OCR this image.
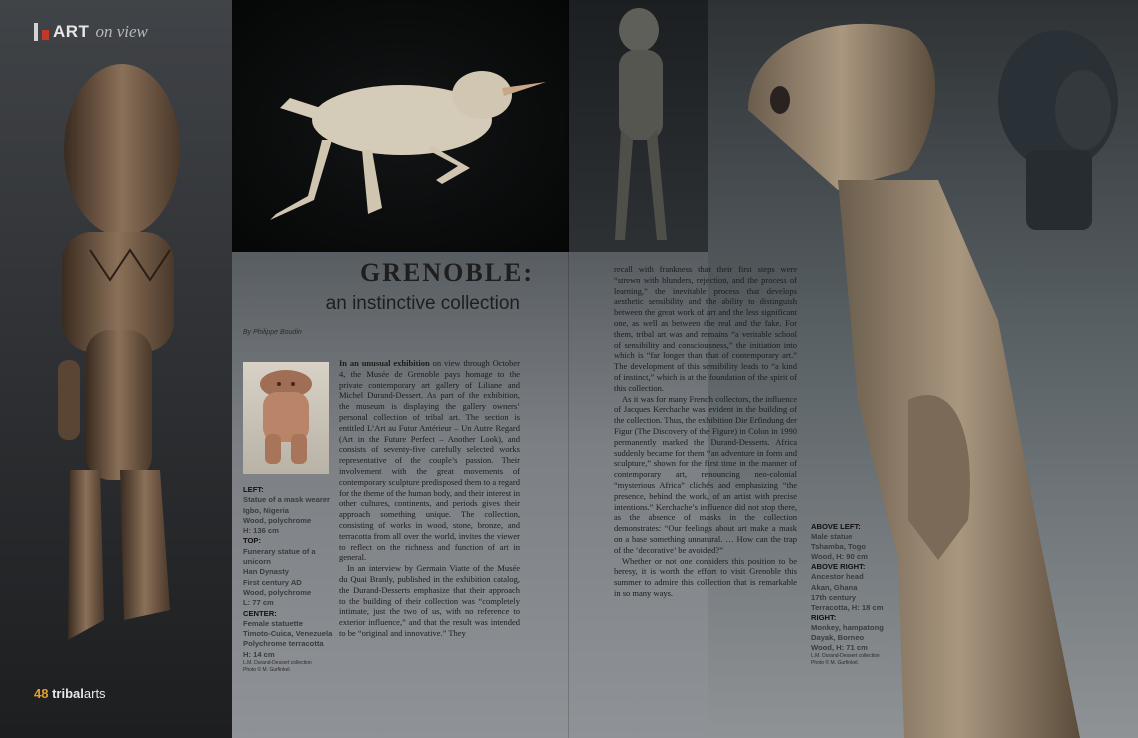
ART on view
GRENOBLE:
an instinctive collection
By Philippe Boudin

In an unusual exhibition on view through October 4, the Musée de Grenoble pays homage to the private contemporary art gallery of Liliane and Michel Durand-Dessert. As part of the exhibition, the museum is displaying the gallery owners’ personal collection of tribal art. The section is entitled L’Art au Futur Antérieur – Un Autre Regard (Art in the Future Perfect – Another Look), and consists of seventy-five carefully selected works representative of the couple’s passion. Their involvement with the great movements of contemporary sculpture predisposed them to a regard for the theme of the human body, and their interest in other cultures, continents, and periods gives their approach something unique. The collection, consisting of works in wood, stone, bronze, and terracotta from all over the world, invites the viewer to reflect on the richness and function of art in general.

In an interview by Germain Viatte of the Musée du Quai Branly, published in the exhibition catalog, the Durand-Desserts emphasize that their approach to the building of their collection was “completely intimate, just the two of us, with no reference to exterior influence,” and that the result was intended to be “original and innovative.” They

recall with frankness that their first steps were “strewn with blunders, rejection, and the process of learning,” the inevitable process that develops aesthetic sensibility and the ability to distinguish between the great work of art and the less significant one, as well as between the real and the fake. For them, tribal art was and remains “a veritable school of sensibility and consciousness,” the initiation into which is “far longer than that of contemporary art.” The development of this sensibility leads to “a kind of instinct,” which is at the foundation of the spirit of this collection.

As it was for many French collectors, the influence of Jacques Kerchache was evident in the building of the collection. Thus, the exhibition Die Erfindung der Figur (The Discovery of the Figure) in Colon in 1990 permanently marked the Durand-Desserts. Africa suddenly became for them “an adventure in form and sculpture,” shown for the first time in the manner of contemporary art, renouncing neo-colonial “mysterious Africa” clichés and emphasizing “the presence, behind the work, of an artist with precise intentions.” Kerchache’s influence did not stop there, as the absence of masks in the collection demonstrates: “Our feelings about art make a mask on a base something unnatural. … How can the trap of the ‘decorative’ be avoided?”

Whether or not one considers this position to be heresy, it is worth the effort to visit Grenoble this summer to admire this collection that is remarkable in so many ways.

LEFT:
Statue of a mask wearer
Igbo, Nigeria
Wood, polychrome
H: 136 cm
TOP:
Funerary statue of a unicorn
Han Dynasty
First century AD
Wood, polychrome
L: 77 cm
CENTER:
Female statuette
Timoto-Cuica, Venezuela
Polychrome terracotta
H: 14 cm
L.M. Durand-Dessert collection
Photo © M. Gurfinkel.
ABOVE LEFT:
Male statue
Tshamba, Togo
Wood, H: 90 cm
ABOVE RIGHT:
Ancestor head
Akan, Ghana
17th century
Terracotta, H: 18 cm
RIGHT:
Monkey, hampatong
Dayak, Borneo
Wood, H: 71 cm
L.M. Durand-Dessert collection
Photo © M. Gurfinkel.
48 tribalarts
